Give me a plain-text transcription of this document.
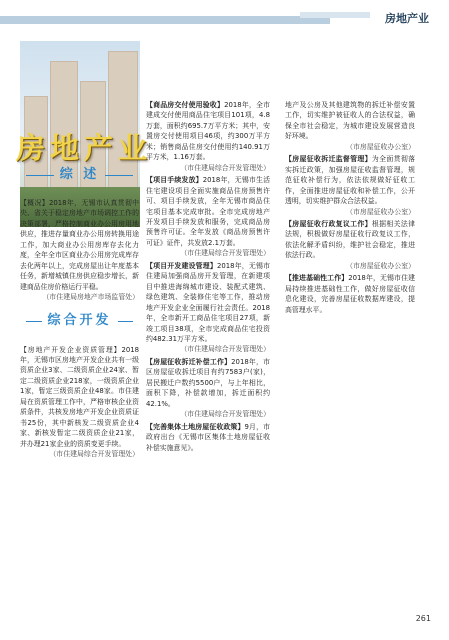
房地产业
房地产业
综 述

【概况】2018年，无锡市认真贯彻中央、省关于稳定房地产市场调控工作的决策部署，严格控制商业办公用房用地供应，推进存量商业办公用房转换用途工作，加大商业办公用房库存去化力度，全年全市区商业办公用房完成库存去化两年以上，完成房屋出让年度基本任务，新增城镇住房供应稳步增长，新建商品住房价格运行平稳。

（市住建局房地产市场监管处）

综合开发

【房地产开发企业资质管理】2018年，无锡市区房地产开发企业共有一级资质企业3家、二级资质企业24家、暂定二级资质企业218家，一级资质企业1家，暂定三级资质企业48家。市住建局在资质管理工作中，严格审核企业资质条件，共核发房地产开发企业资质证书25份，其中新核发二级资质企业4家、新核发暂定二级资质企业21家，并办理21家企业的资质变更手续。

（市住建局综合开发管理处）

【商品房交付使用验收】2018年，全市建成交付使用商品住宅项目101项，4.8万套，面积约695.7万平方米；其中，安置房交付使用项目46项，约300万平方米；销售商品住房交付使用约140.91万平方米，1.16万套。

（市住建局综合开发管理处）

【项目手续发放】2018年，无锡市生活住宅建设项目全面实施商品住房预售许可、项目手续发放，全年无锡市商品住宅项目基本完成审批。全市完成房地产开发项目手续发放和服务，完成商品房预售许可证。全年发放《商品房预售许可证》证件，共发放2.1万套。

（市住建局综合开发管理处）

【项目开发建设管理】2018年，无锡市住建局加强商品房开发管理，在新建项目中推进海绵城市建设、装配式建筑、绿色建筑、全装修住宅等工作，推动房地产开发企业全面履行社会责任。2018年，全市新开工商品住宅项目27项，新竣工项目38项，全市完成商品住宅投资约482.31万平方米。

（市住建局综合开发管理处）

【房屋征收拆迁补偿工作】2018年，市区房屋征收拆迁项目有约7583户(家)，居民搬迁户数约5500户，与上年相比，面积下降，补偿款增加，拆迁面积约42.1%。

（市住建局综合开发管理处）

【完善集体土地房屋征收政策】9月，市政府出台《无锡市区集体土地房屋征收补偿实施意见》。

地产及公房及其他建筑物的拆迁补偿安置工作，切实维护被征收人的合法权益，确保全市社会稳定，为城市建设发展营造良好环境。

（市房屋征收办公室）

【房屋征收拆迁监督管理】为全面贯彻落实拆迁政策，加强房屋征收监督管理，规范征收补偿行为，依法依规做好征收工作，全面推进房屋征收和补偿工作，公开透明，切实维护群众合法权益。

（市房屋征收办公室）

【房屋征收行政复议工作】根据相关法律法规，积极做好房屋征收行政复议工作，依法化解矛盾纠纷，维护社会稳定，推进依法行政。

（市房屋征收办公室）

【推进基础性工作】2018年，无锡市住建局持续推进基础性工作，做好房屋征收信息化建设，完善房屋征收数据库建设，提高管理水平。

261
